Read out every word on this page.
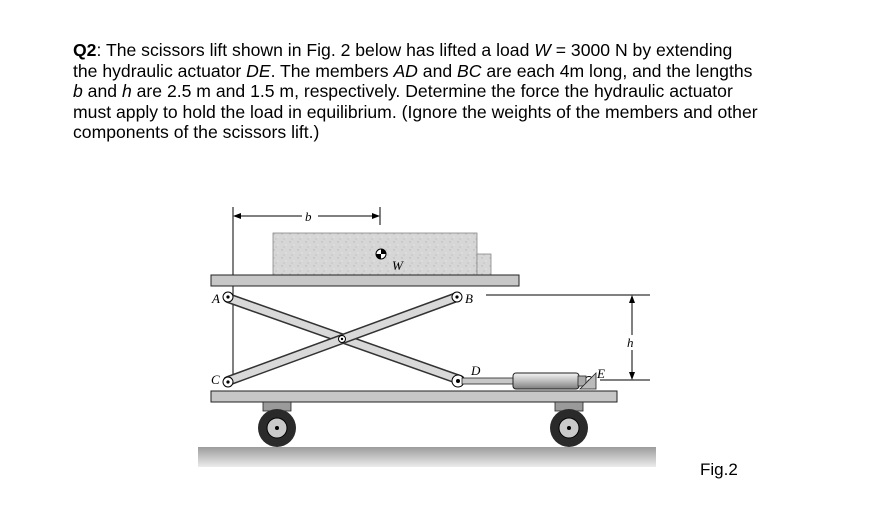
Q2: The scissors lift shown in Fig. 2 below has lifted a load W = 3000 N by extending
the hydraulic actuator DE. The members AD and BC are each 4m long, and the lengths
b and h are 2.5 m and 1.5 m, respectively. Determine the force the hydraulic actuator
must apply to hold the load in equilibrium. (Ignore the weights of the members and other
components of the scissors lift.)
b
h
W
A	B
C
D	E
Fig.2
